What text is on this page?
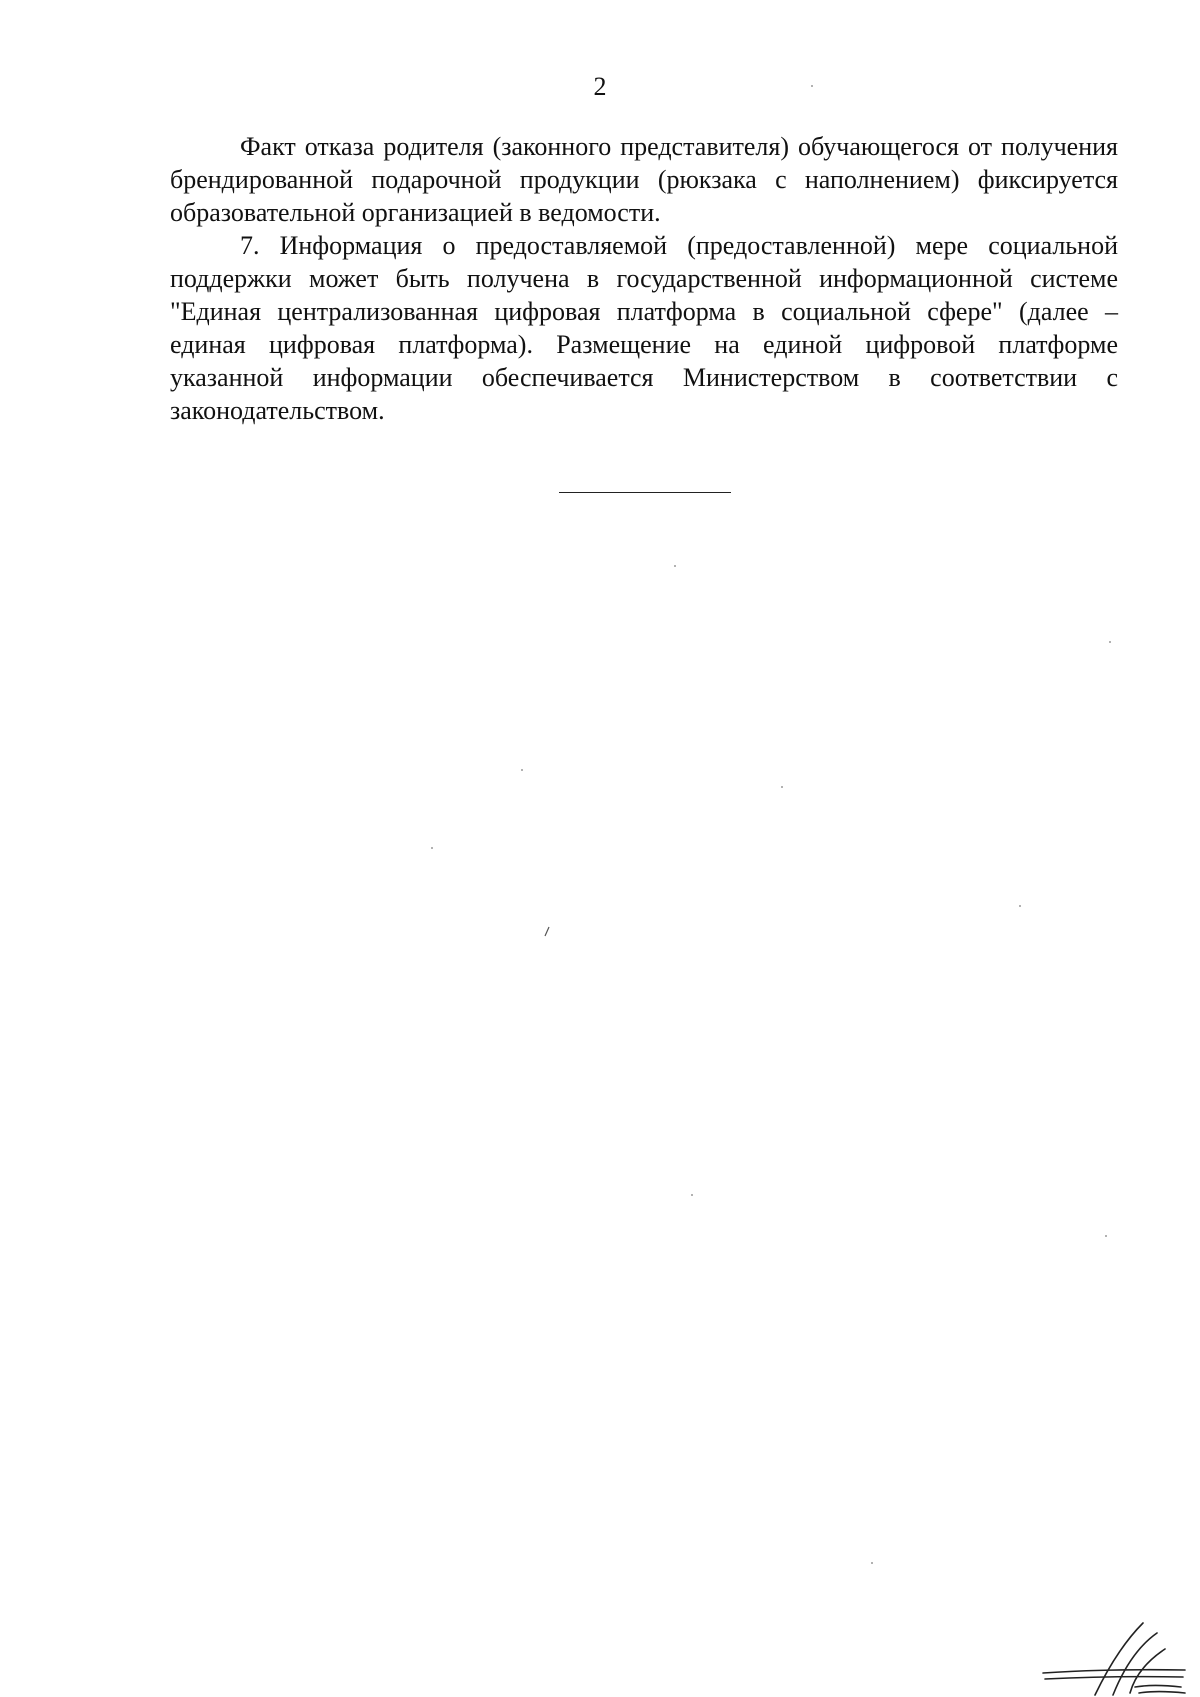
2

Факт отказа родителя (законного представителя) обучающегося от получения брендированной подарочной продукции (рюкзака с наполнением) фиксируется образовательной организацией в ведомости.

7. Информация о предоставляемой (предоставленной) мере социальной поддержки может быть получена в государственной информационной системе "Единая централизованная цифровая платформа в социальной сфере" (далее – единая цифровая платформа). Размещение на единой цифровой платформе указанной информации обеспечивается Министерством в соответствии с законодательством.
